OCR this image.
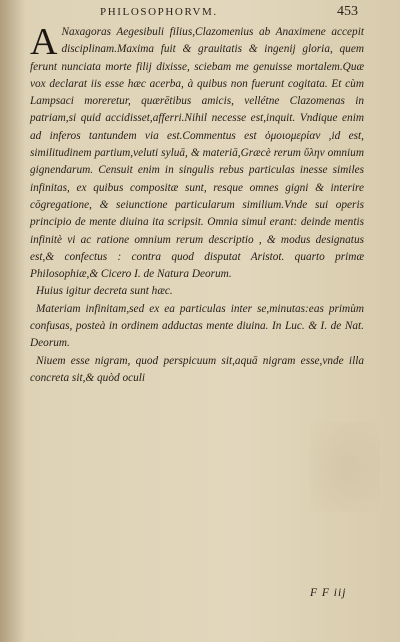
PHILOSOPHORVM.	453

A Naxagoras Aegesibuli filius,Clazomenius ab Anaximene accepit disciplinam.Maxima fuit & grauitatis & ingenij gloria, quem ferunt nunciata morte filij dixisse, sciebam me genuisse mortalem.Quæ vox declarat iis esse hæc acerba, à quibus non fuerunt cogitata. Et cùm Lampsaci moreretur, quærētibus amicis, vellétne Clazomenas in patriam,si quid accidisset,afferri.Nihil necesse est,inquit. Vndique enim ad inferos tantundem via est.Commentus est ὁμοιομερίαν ,id est, similitudinem partium,veluti syluā, & materiā,Græcè rerum ὕλην omnium gignendarum. Censuit enim in singulis rebus particulas inesse similes infinitas, ex quibus compositæ sunt, resque omnes gigni & interire cōgregatione, & seiunctione particularum similium.Vnde sui operis principio de mente diuina ita scripsit. Omnia simul erant: deinde mentis infinitè vi ac ratione omnium rerum descriptio , & modus designatus est,& confectus : contra quod disputat Aristot. quarto primæ Philosophiæ,& Cicero I. de Natura Deorum.

Huius igitur decreta sunt hæc.

Materiam infinitam,sed ex ea particulas inter se,minutas:eas primùm confusas, posteà in ordinem adductas mente diuina. In Luc. & I. de Nat. Deorum.

Niuem esse nigram, quod perspicuum sit,aquā nigram esse,vnde illa concreta sit,& quòd oculi

F F iij
